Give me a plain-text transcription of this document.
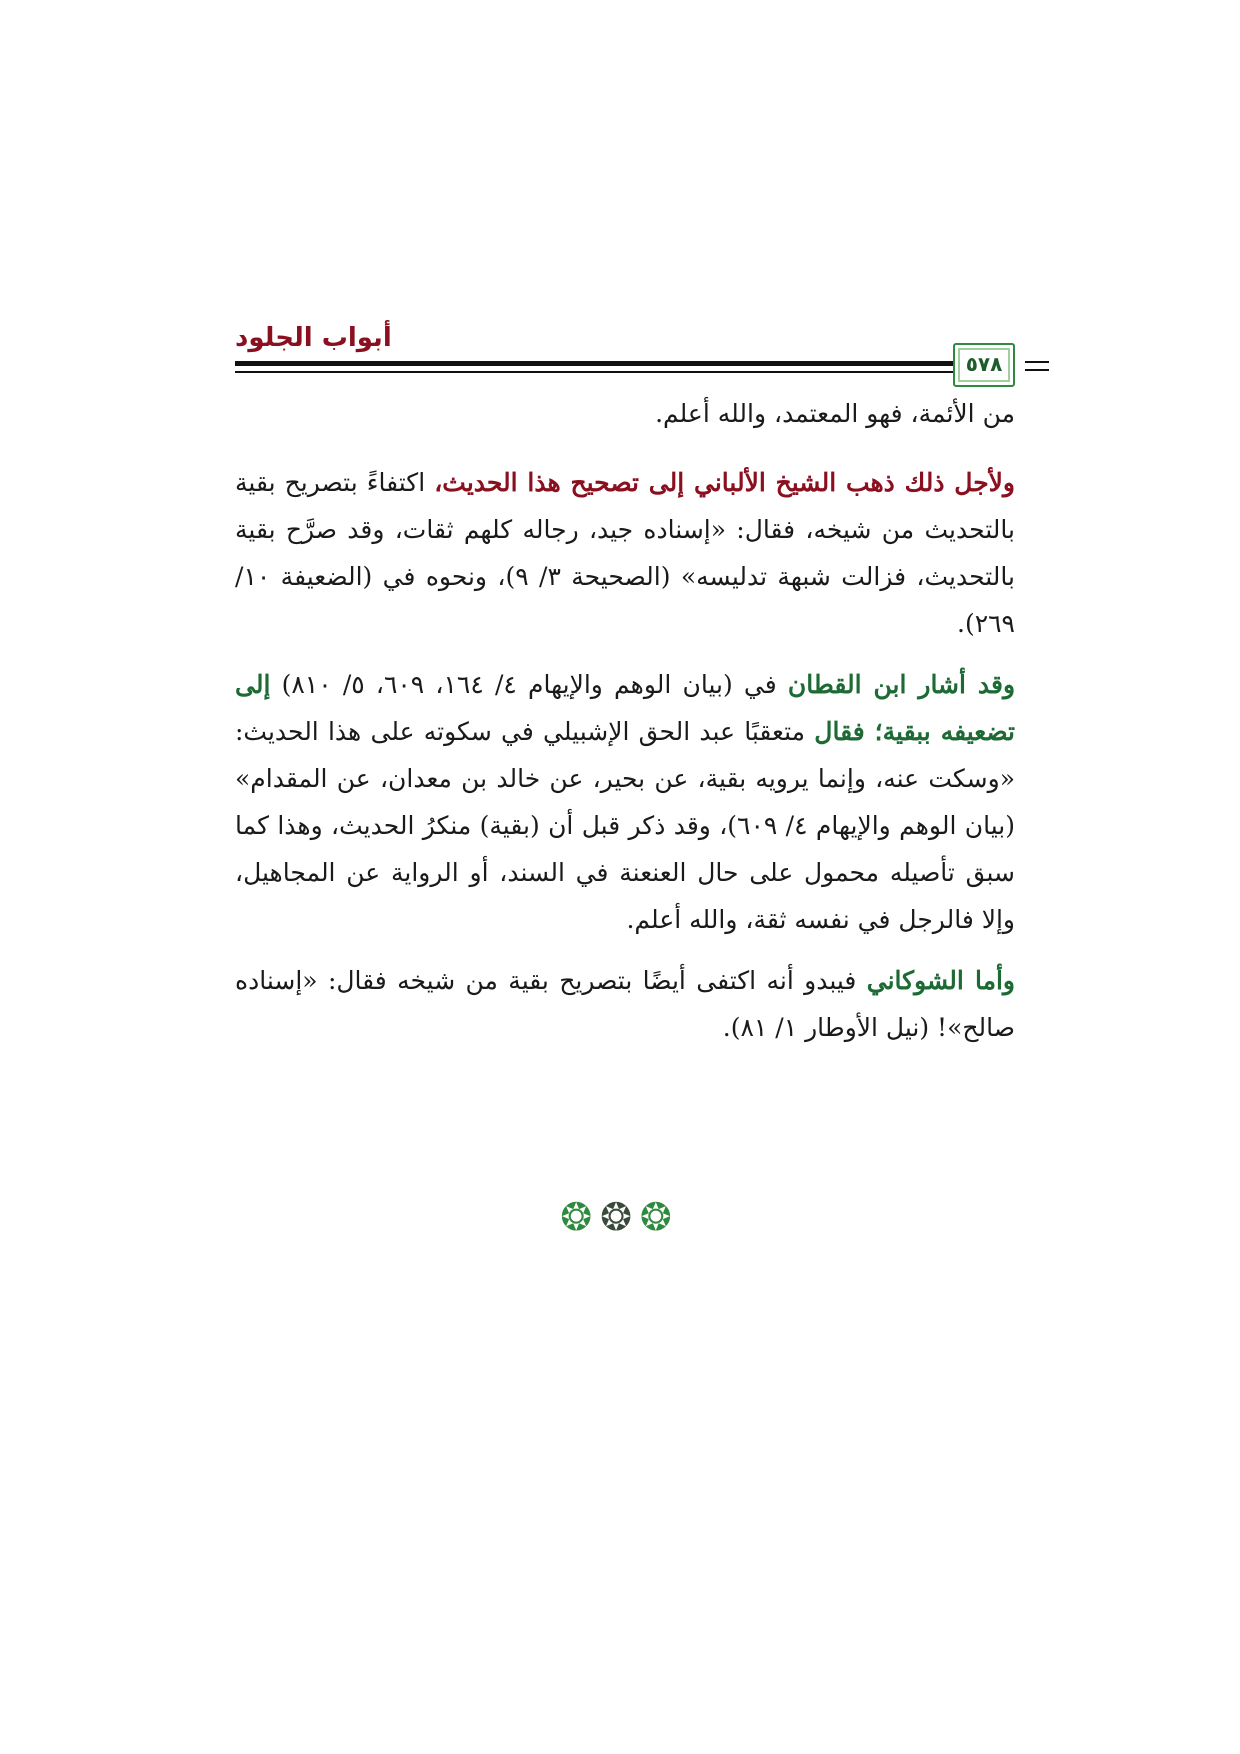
أبواب الجلود
٥٧٨

من الأئمة، فهو المعتمد، والله أعلم.

ولأجل ذلك ذهب الشيخ الألباني إلى تصحيح هذا الحديث، اكتفاءً بتصريح بقية بالتحديث من شيخه، فقال: «إسناده جيد، رجاله كلهم ثقات، وقد صرَّح بقية بالتحديث، فزالت شبهة تدليسه» (الصحيحة ٣/ ٩)، ونحوه في (الضعيفة ١٠/ ٢٦٩).

وقد أشار ابن القطان في (بيان الوهم والإيهام ٤/ ١٦٤، ٦٠٩، ٥/ ٨١٠) إلى تضعيفه ببقية؛ فقال متعقبًا عبد الحق الإشبيلي في سكوته على هذا الحديث: «وسكت عنه، وإنما يرويه بقية، عن بحير، عن خالد بن معدان، عن المقدام» (بيان الوهم والإيهام ٤/ ٦٠٩)، وقد ذكر قبل أن (بقية) منكرُ الحديث، وهذا كما سبق تأصيله محمول على حال العنعنة في السند، أو الرواية عن المجاهيل، وإلا فالرجل في نفسه ثقة، والله أعلم.

وأما الشوكاني فيبدو أنه اكتفى أيضًا بتصريح بقية من شيخه فقال: «إسناده صالح»! (نيل الأوطار ١/ ٨١).

❂❂❂
